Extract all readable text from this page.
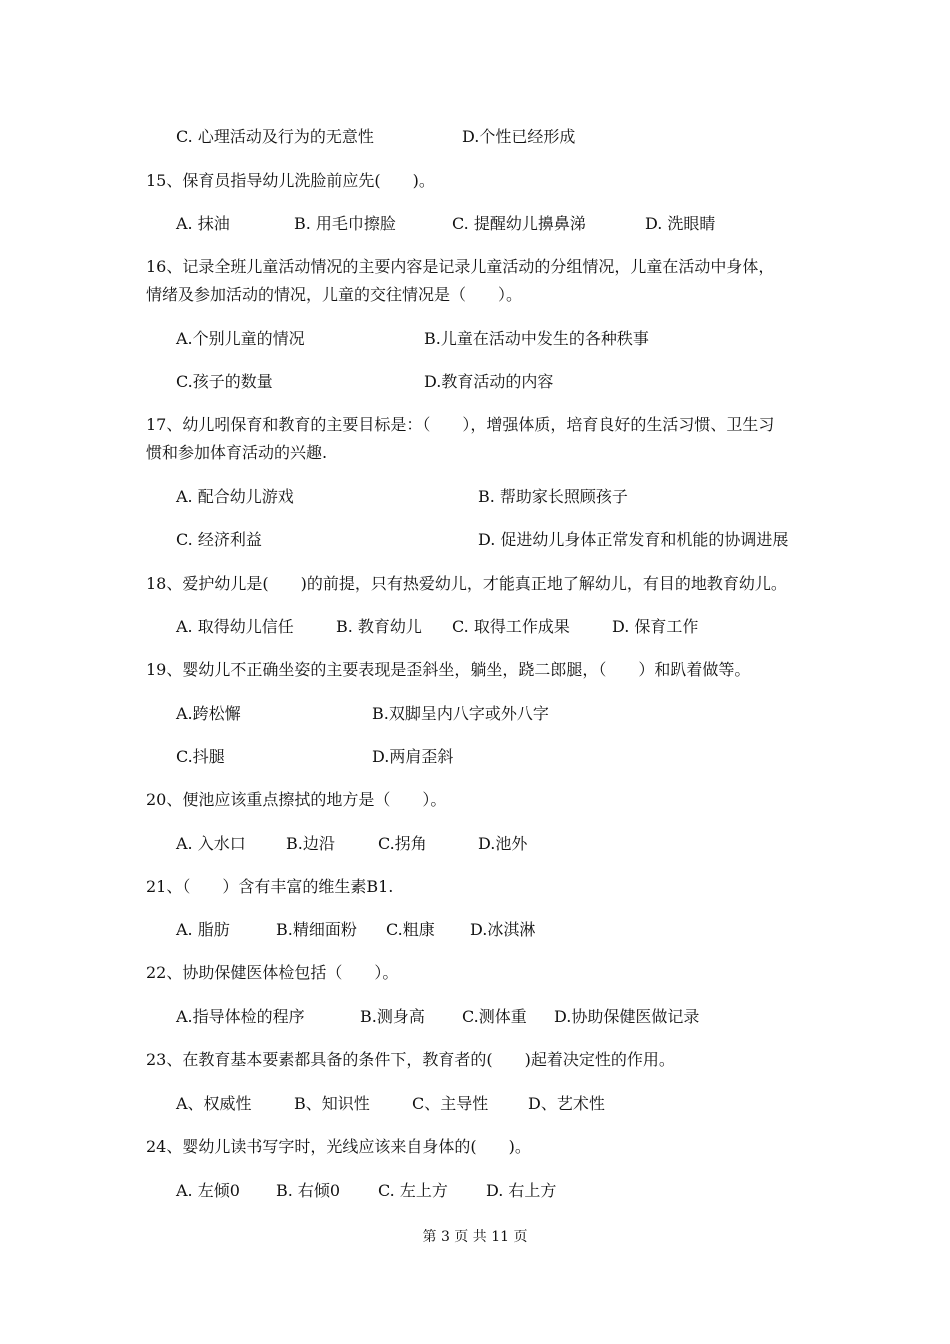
C. 心理活动及行为的无意性	D.个性已经形成
15、保育员指导幼儿洗脸前应先(　　)。
A. 抹油	B. 用毛巾擦脸	C. 提醒幼儿擤鼻涕	D. 洗眼睛
16、记录全班儿童活动情况的主要内容是记录儿童活动的分组情况，儿童在活动中身体，
情绪及参加活动的情况，儿童的交往情况是（　　）。
A.个别儿童的情况	B.儿童在活动中发生的各种秩事
C.孩子的数量	D.教育活动的内容
17、幼儿吲保育和教育的主要目标是：（　　），增强体质，培育良好的生活习惯、卫生习
惯和参加体育活动的兴趣.
A. 配合幼儿游戏	B. 帮助家长照顾孩子
C. 经济利益	D. 促进幼儿身体正常发育和机能的协调进展
18、爱护幼儿是(　　)的前提，只有热爱幼儿，才能真正地了解幼儿，有目的地教育幼儿。
A. 取得幼儿信任	B. 教育幼儿 C. 取得工作成果	D. 保育工作
19、婴幼儿不正确坐姿的主要表现是歪斜坐，躺坐，跷二郎腿，（　　）和趴着做等。
A.跨松懈	B.双脚呈内八字或外八字
C.抖腿	D.两肩歪斜
20、便池应该重点擦拭的地方是（　　）。
A. 入水口	B.边沿	C.拐角	D.池外
21、（　　）含有丰富的维生素B1.
A. 脂肪	B.精细面粉 C.粗康 D.冰淇淋
22、协助保健医体检包括（　　）。
A.指导体检的程序	B.测身高 C.测体重 D.协助保健医做记录
23、在教育基本要素都具备的条件下，教育者的(　　)起着决定性的作用。
A、权威性	B、知识性	C、主导性 D、艺术性
24、婴幼儿读书写字时，光线应该来自身体的(　　)。
A. 左倾0 B. 右倾0 C. 左上方 D. 右上方
第 3 页 共 11 页
